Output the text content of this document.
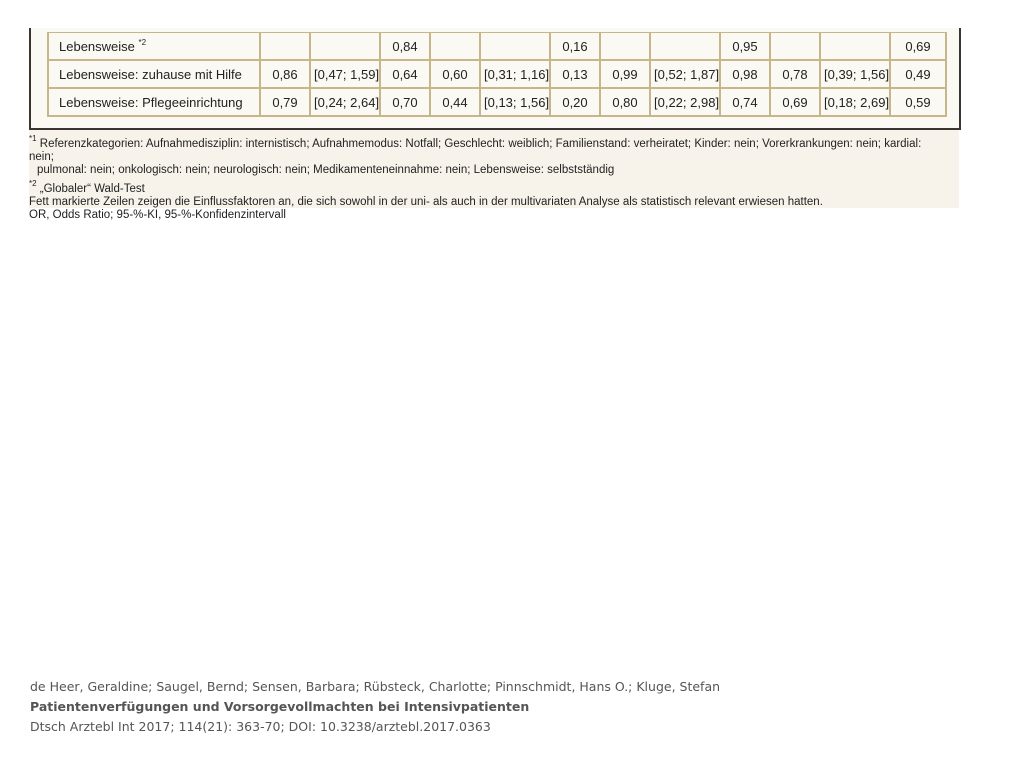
Lebensweise $^{*2}$			0,84			0,16			0,95			0,69
Lebensweise: zuhause mit Hilfe	0,86	[0,47; 1,59]	0,64	0,60	[0,31; 1,16]	0,13	0,99	[0,52; 1,87]	0,98	0,78	[0,39; 1,56]	0,49
Lebensweise: Pflegeeinrichtung	0,79	[0,24; 2,64]	0,70	0,44	[0,13; 1,56]	0,20	0,80	[0,22; 2,98]	0,74	0,69	[0,18; 2,69]	0,59
$^{*1}$ Referenzkategorien: Aufnahmedisziplin: internistisch; Aufnahmemodus: Notfall; Geschlecht: weiblich; Familienstand: verheiratet; Kinder: nein; Vorerkrankungen: nein; kardial: nein;
pulmonal: nein; onkologisch: nein; neurologisch: nein; Medikamenteneinnahme: nein; Lebensweise: selbstständig
$^{*2}$ „Globaler“ Wald-Test
Fett markierte Zeilen zeigen die Einflussfaktoren an, die sich sowohl in der uni- als auch in der multivariaten Analyse als statistisch relevant erwiesen hatten.
OR, Odds Ratio; 95-%-KI, 95-%-Konfidenzintervall
de Heer, Geraldine; Saugel, Bernd; Sensen, Barbara; Rübsteck, Charlotte; Pinnschmidt, Hans O.; Kluge, Stefan
Patientenverfügungen und Vorsorgevollmachten bei Intensivpatienten
Dtsch Arztebl Int 2017; 114(21): 363-70; DOI: 10.3238/arztebl.2017.0363
